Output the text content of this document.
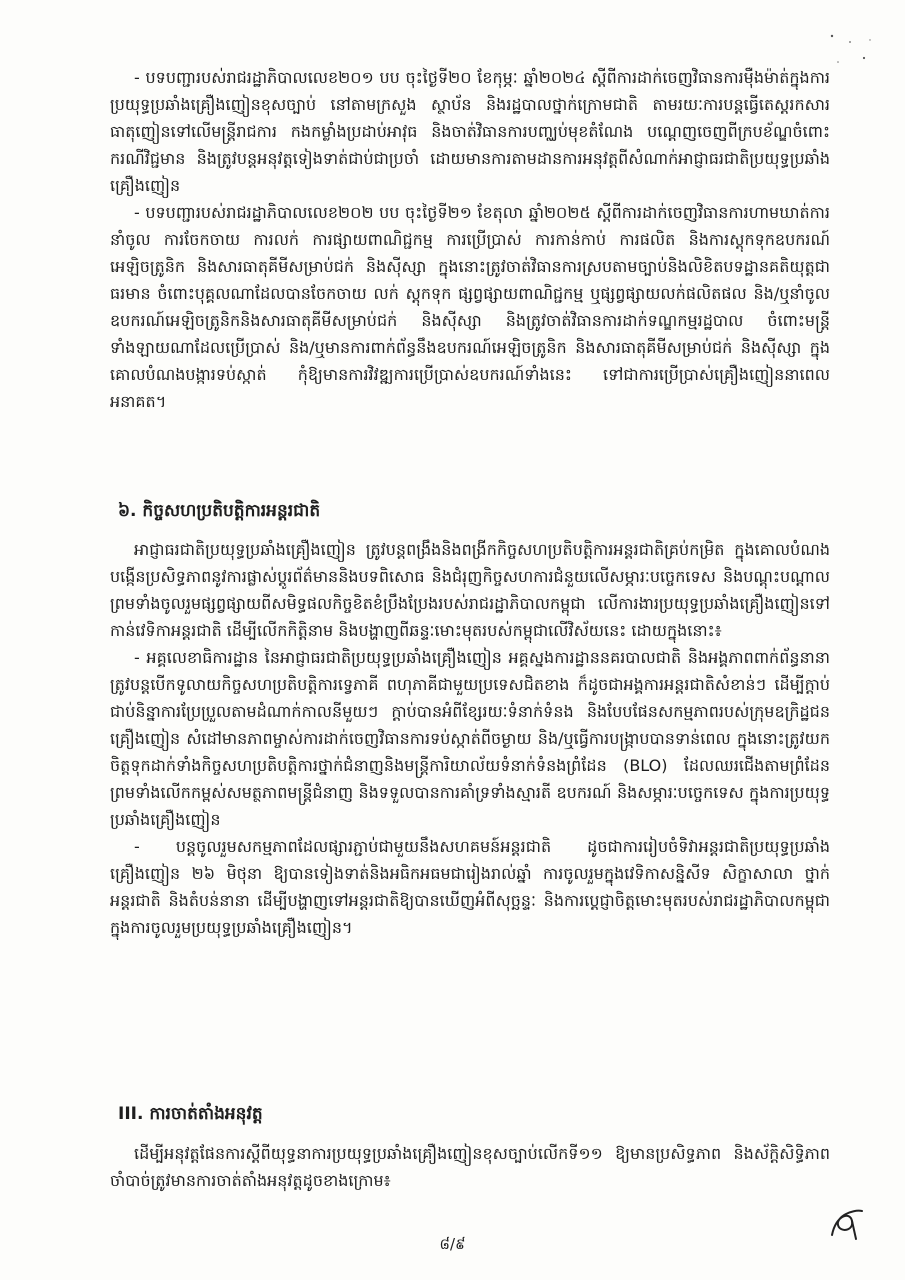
- បទបញ្ជារបស់រាជរដ្ឋាភិបាលលេខ២០១ បប ចុះថ្ងៃទី២០ ខែកុម្ភៈ ឆ្នាំ២០២៤ ស្ដីពីការដាក់ចេញវិធានការម៉ឺងម៉ាត់ក្នុងការប្រយុទ្ធប្រឆាំងគ្រឿងញៀនខុសច្បាប់ នៅតាមក្រសួង ស្ថាប័ន និងរដ្ឋបាលថ្នាក់ក្រោមជាតិ តាមរយៈការបន្ដធ្វើតេស្ដរកសារធាតុញៀនទៅលើមន្ត្រីរាជការ កងកម្លាំងប្រដាប់អាវុធ និងចាត់វិធានការបញ្ឈប់មុខតំណែង បណ្ដេញចេញពីក្របខ័ណ្ឌចំពោះករណីវិជ្ជមាន និងត្រូវបន្ដអនុវត្តទៀងទាត់ជាប់ជាប្រចាំ ដោយមានការតាមដានការអនុវត្តពីសំណាក់អាជ្ញាធរជាតិប្រយុទ្ធប្រឆាំងគ្រឿងញៀន

- បទបញ្ជារបស់រាជរដ្ឋាភិបាលលេខ២០២ បប ចុះថ្ងៃទី២១ ខែតុលា ឆ្នាំ២០២៥ ស្ដីពីការដាក់ចេញវិធានការហាមឃាត់ការនាំចូល ការចែកចាយ ការលក់ ការផ្សាយពាណិជ្ជកម្ម ការប្រើប្រាស់ ការកាន់កាប់ ការផលិត និងការស្ដុកទុកឧបករណ៍អេឡិចត្រូនិក និងសារធាតុគីមីសម្រាប់ជក់ និងស៊ីស្សា ក្នុងនោះត្រូវចាត់វិធានការស្របតាមច្បាប់និងលិខិតបទដ្ឋានគតិយុត្តជាធរមាន ចំពោះបុគ្គលណាដែលបានចែកចាយ លក់ ស្ដុកទុក ផ្សព្វផ្សាយពាណិជ្ជកម្ម ឬផ្សព្វផ្សាយលក់ផលិតផល និង/ឬនាំចូលឧបករណ៍អេឡិចត្រូនិកនិងសារធាតុគីមីសម្រាប់ជក់ និងស៊ីស្សា និងត្រូវចាត់វិធានការដាក់ទណ្ឌកម្មរដ្ឋបាល ចំពោះមន្ត្រីទាំងឡាយណាដែលប្រើប្រាស់ និង/ឬមានការពាក់ព័ន្ធនឹងឧបករណ៍អេឡិចត្រូនិក និងសារធាតុគីមីសម្រាប់ជក់ និងស៊ីស្សា ក្នុងគោលបំណងបង្ការទប់ស្កាត់ កុំឱ្យមានការវិវឌ្ឍការប្រើប្រាស់ឧបករណ៍ទាំងនេះ ទៅជាការប្រើប្រាស់គ្រឿងញៀននាពេលអនាគត។

៦. កិច្ចសហប្រតិបត្តិការអន្តរជាតិ

អាជ្ញាធរជាតិប្រយុទ្ធប្រឆាំងគ្រឿងញៀន ត្រូវបន្ដពង្រឹងនិងពង្រីកកិច្ចសហប្រតិបត្តិការអន្តរជាតិគ្រប់កម្រិត ក្នុងគោលបំណងបង្កើនប្រសិទ្ធភាពនូវការផ្លាស់ប្ដូរព័ត៌មាននិងបទពិសោធ និងជំរុញកិច្ចសហការជំនួយលើសម្ភារៈបច្ចេកទេស និងបណ្ដុះបណ្ដាល ព្រមទាំងចូលរួមផ្សព្វផ្សាយពីសមិទ្ធផលកិច្ចខិតខំប្រឹងប្រែងរបស់រាជរដ្ឋាភិបាលកម្ពុជា លើការងារប្រយុទ្ធប្រឆាំងគ្រឿងញៀនទៅកាន់វេទិកាអន្តរជាតិ ដើម្បីលើកកិត្តិនាម និងបង្ហាញពីឆន្ទៈមោះមុតរបស់កម្ពុជាលើវិស័យនេះ ដោយក្នុងនោះ៖

- អគ្គលេខាធិការដ្ឋាន នៃអាជ្ញាធរជាតិប្រយុទ្ធប្រឆាំងគ្រឿងញៀន អគ្គស្នងការដ្ឋាននគរបាលជាតិ និងអង្គភាពពាក់ព័ន្ធនានា ត្រូវបន្ដបើកទូលាយកិច្ចសហប្រតិបត្តិការទ្វេភាគី ពហុភាគីជាមួយប្រទេសជិតខាង ក៏ដូចជាអង្គការអន្តរជាតិសំខាន់ៗ ដើម្បីក្ដាប់ជាប់និន្នាការប្រែប្រួលតាមដំណាក់កាលនីមួយៗ ក្ដាប់បានអំពីខ្សែរយៈទំនាក់ទំនង និងបែបផែនសកម្មភាពរបស់ក្រុមឧក្រិដ្ឋជនគ្រឿងញៀន សំដៅមានភាពម្ចាស់ការដាក់ចេញវិធានការទប់ស្កាត់ពីចម្ងាយ និង/ឬធ្វើការបង្ក្រាបបានទាន់ពេល ក្នុងនោះត្រូវយកចិត្តទុកដាក់ទាំងកិច្ចសហប្រតិបត្តិការថ្នាក់ជំនាញនិងមន្ត្រីការិយាល័យទំនាក់ទំនងព្រំដែន (BLO) ដែលឈរជើងតាមព្រំដែន ព្រមទាំងលើកកម្ពស់សមត្ថភាពមន្ត្រីជំនាញ និងទទួលបានការគាំទ្រទាំងស្មារតី ឧបករណ៍ និងសម្ភារៈបច្ចេកទេស ក្នុងការប្រយុទ្ធប្រឆាំងគ្រឿងញៀន

- បន្ដចូលរួមសកម្មភាពដែលផ្សារភ្ជាប់ជាមួយនឹងសហគមន៍អន្តរជាតិ ដូចជាការរៀបចំទិវាអន្តរជាតិប្រយុទ្ធប្រឆាំងគ្រឿងញៀន ២៦ មិថុនា ឱ្យបានទៀងទាត់និងអធិកអធមជារៀងរាល់ឆ្នាំ ការចូលរួមក្នុងវេទិកាសន្និសីទ សិក្ខាសាលា ថ្នាក់អន្តរជាតិ និងតំបន់នានា ដើម្បីបង្ហាញទៅអន្តរជាតិឱ្យបានឃើញអំពីសុច្ឆន្ទៈ និងការប្ដេជ្ញាចិត្តមោះមុតរបស់រាជរដ្ឋាភិបាលកម្ពុជា ក្នុងការចូលរួមប្រយុទ្ធប្រឆាំងគ្រឿងញៀន។

III. ការចាត់តាំងអនុវត្ត

ដើម្បីអនុវត្តផែនការស្ដីពីយុទ្ធនាការប្រយុទ្ធប្រឆាំងគ្រឿងញៀនខុសច្បាប់លើកទី១១ ឱ្យមានប្រសិទ្ធភាព និងស័ក្ដិសិទ្ធិភាព ចាំបាច់ត្រូវមានការចាត់តាំងអនុវត្តដូចខាងក្រោម៖

៨/៩
